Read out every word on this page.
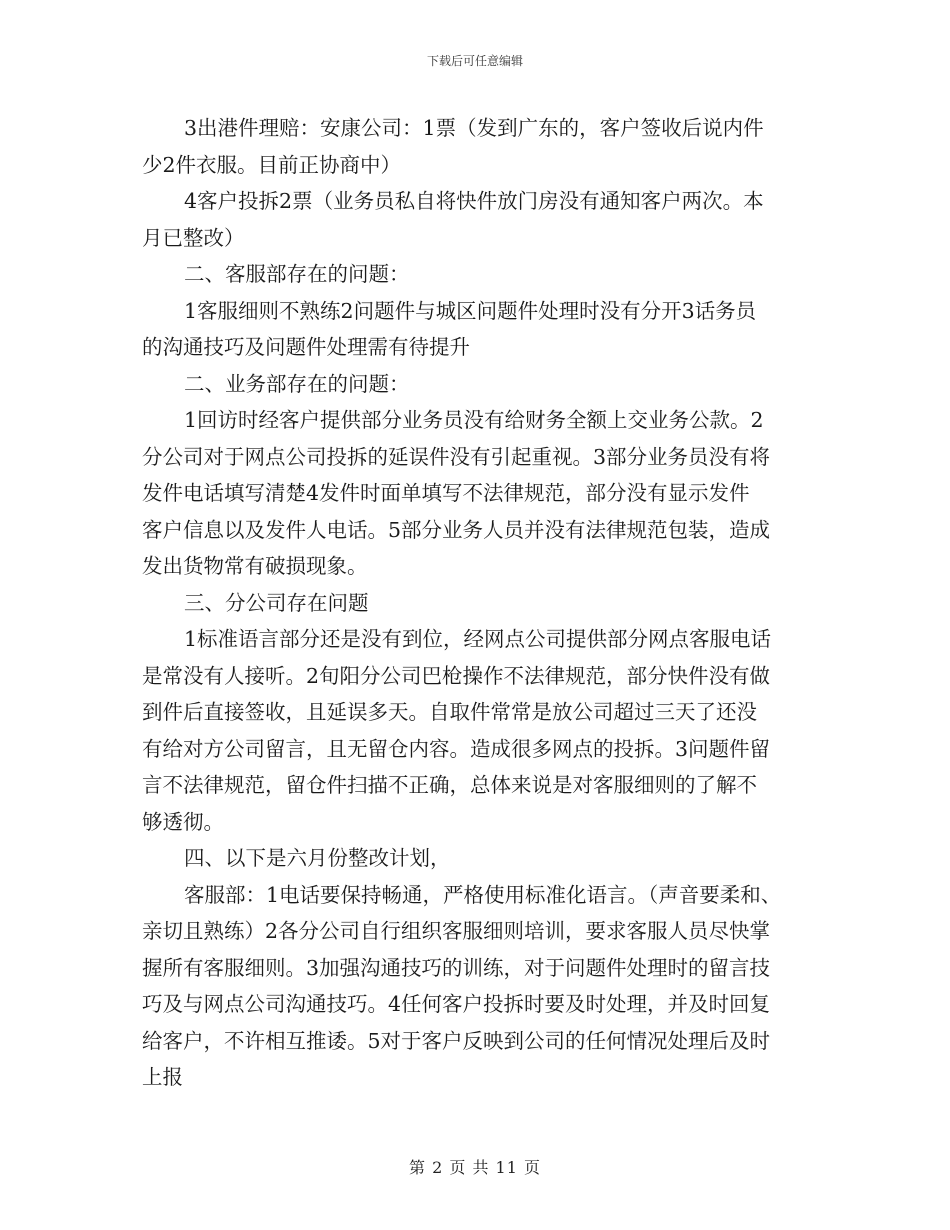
下载后可任意编辑
3出港件理赔：安康公司：1票（发到广东的，客户签收后说内件
少2件衣服。目前正协商中）
4客户投拆2票（业务员私自将快件放门房没有通知客户两次。本
月已整改）
二、客服部存在的问题：
1客服细则不熟练2问题件与城区问题件处理时没有分开3话务员
的沟通技巧及问题件处理需有待提升
二、业务部存在的问题：
1回访时经客户提供部分业务员没有给财务全额上交业务公款。2
分公司对于网点公司投拆的延误件没有引起重视。3部分业务员没有将
发件电话填写清楚4发件时面单填写不法律规范，部分没有显示发件
客户信息以及发件人电话。5部分业务人员并没有法律规范包装，造成
发出货物常有破损现象。
三、分公司存在问题
1标准语言部分还是没有到位，经网点公司提供部分网点客服电话
是常没有人接听。2旬阳分公司巴枪操作不法律规范，部分快件没有做
到件后直接签收，且延误多天。自取件常常是放公司超过三天了还没
有给对方公司留言，且无留仓内容。造成很多网点的投拆。3问题件留
言不法律规范，留仓件扫描不正确，总体来说是对客服细则的了解不
够透彻。
四、以下是六月份整改计划，
客服部：1电话要保持畅通，严格使用标准化语言。（声音要柔和、
亲切且熟练）2各分公司自行组织客服细则培训，要求客服人员尽快掌
握所有客服细则。3加强沟通技巧的训练，对于问题件处理时的留言技
巧及与网点公司沟通技巧。4任何客户投拆时要及时处理，并及时回复
给客户，不许相互推诿。5对于客户反映到公司的任何情况处理后及时
上报
第 2 页 共 11 页
